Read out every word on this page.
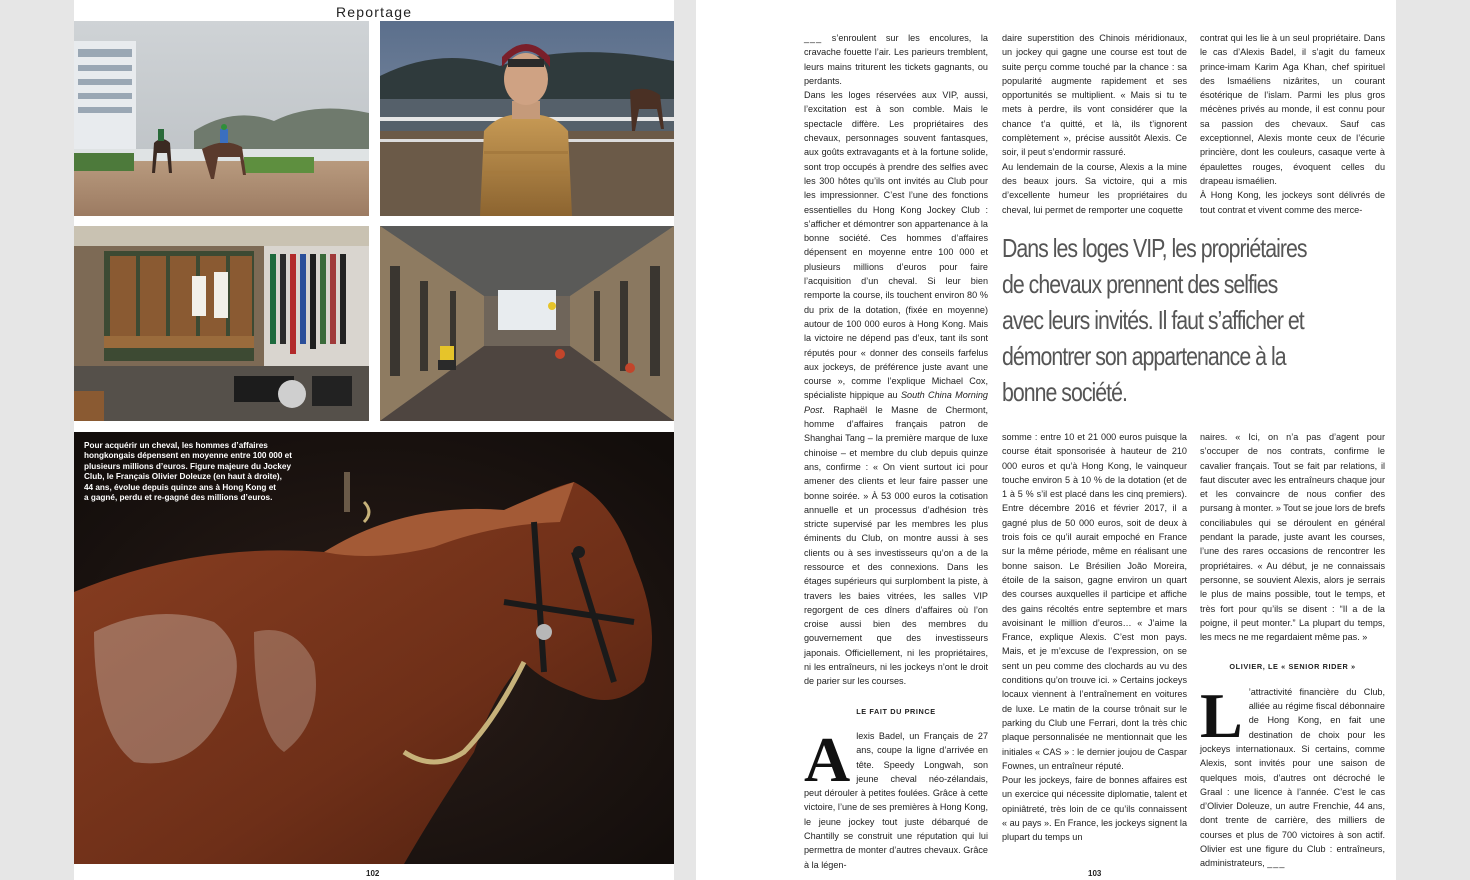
Reportage
Pour acquérir un cheval, les hommes d’affaires
hongkongais dépensent en moyenne entre 100 000 et
plusieurs millions d’euros. Figure majeure du Jockey
Club, le Français Olivier Doleuze (en haut à droite),
44 ans, évolue depuis quinze ans à Hong Kong et
a gagné, perdu et re-gagné des millions d’euros.
102

___ s’enroulent sur les encolures, la cravache fouette l’air. Les parieurs tremblent, leurs mains triturent les tickets gagnants, ou perdants.

Dans les loges réservées aux VIP, aussi, l’excitation est à son comble. Mais le spectacle diffère. Les propriétaires des chevaux, personnages souvent fantasques, aux goûts extravagants et à la fortune solide, sont trop occupés à prendre des selfies avec les 300 hôtes qu’ils ont invités au Club pour les impressionner. C’est l’une des fonctions essentielles du Hong Kong Jockey Club : s’afficher et démontrer son appartenance à la bonne société. Ces hommes d’affaires dépensent en moyenne entre 100 000 et plusieurs millions d’euros pour faire l’acquisition d’un cheval. Si leur bien remporte la course, ils touchent environ 80 % du prix de la dotation, (fixée en moyenne) autour de 100 000 euros à Hong Kong. Mais la victoire ne dépend pas d’eux, tant ils sont réputés pour « donner des conseils farfelus aux jockeys, de préférence juste avant une course », comme l’explique Michael Cox, spécialiste hippique au South China Morning Post. Raphaël le Masne de Chermont, homme d’affaires français patron de Shanghai Tang – la première marque de luxe chinoise – et membre du club depuis quinze ans, confirme : « On vient surtout ici pour amener des clients et leur faire passer une bonne soirée. » À 53 000 euros la cotisation annuelle et un processus d’adhésion très stricte supervisé par les membres les plus éminents du Club, on montre aussi à ses clients ou à ses investisseurs qu’on a de la ressource et des connexions. Dans les étages supérieurs qui surplombent la piste, à travers les baies vitrées, les salles VIP regorgent de ces dîners d’affaires où l’on croise aussi bien des membres du gouvernement que des investisseurs japonais. Officiellement, ni les propriétaires, ni les entraîneurs, ni les jockeys n’ont le droit de parier sur les courses.

LE FAIT DU PRINCE

Alexis Badel, un Français de 27 ans, coupe la ligne d’arrivée en tête. Speedy Longwah, son jeune cheval néo-zélandais, peut dérouler à petites foulées. Grâce à cette victoire, l’une de ses premières à Hong Kong, le jeune jockey tout juste débarqué de Chantilly se construit une réputation qui lui permettra de monter d’autres chevaux. Grâce à la légen-

daire superstition des Chinois méridionaux, un jockey qui gagne une course est tout de suite perçu comme touché par la chance : sa popularité augmente rapidement et ses opportunités se multiplient. « Mais si tu te mets à perdre, ils vont considérer que la chance t’a quitté, et là, ils t’ignorent complètement », précise aussitôt Alexis. Ce soir, il peut s’endormir rassuré.

Au lendemain de la course, Alexis a la mine des beaux jours. Sa victoire, qui a mis d’excellente humeur les propriétaires du cheval, lui permet de remporter une coquette

contrat qui les lie à un seul propriétaire. Dans le cas d’Alexis Badel, il s’agit du fameux prince-imam Karim Aga Khan, chef spirituel des Ismaéliens nizârites, un courant ésotérique de l’islam. Parmi les plus gros mécènes privés au monde, il est connu pour sa passion des chevaux. Sauf cas exceptionnel, Alexis monte ceux de l’écurie princière, dont les couleurs, casaque verte à épaulettes rouges, évoquent celles du drapeau ismaélien.

À Hong Kong, les jockeys sont délivrés de tout contrat et vivent comme des merce-

Dans les loges VIP, les propriétaires de chevaux prennent des selfies avec leurs invités. Il faut s’afficher et démontrer son appartenance à la bonne société.

somme : entre 10 et 21 000 euros puisque la course était sponsorisée à hauteur de 210 000 euros et qu’à Hong Kong, le vainqueur touche environ 5 à 10 % de la dotation (et de 1 à 5 % s’il est placé dans les cinq premiers). Entre décembre 2016 et février 2017, il a gagné plus de 50 000 euros, soit de deux à trois fois ce qu’il aurait empoché en France sur la même période, même en réalisant une bonne saison. Le Brésilien João Moreira, étoile de la saison, gagne environ un quart des courses auxquelles il participe et affiche des gains récoltés entre septembre et mars avoisinant le million d’euros… « J’aime la France, explique Alexis. C’est mon pays. Mais, et je m’excuse de l’expression, on se sent un peu comme des clochards au vu des conditions qu’on trouve ici. » Certains jockeys locaux viennent à l’entraînement en voitures de luxe. Le matin de la course trônait sur le parking du Club une Ferrari, dont la très chic plaque personnalisée ne mentionnait que les initiales « CAS » : le dernier joujou de Caspar Fownes, un entraîneur réputé.

Pour les jockeys, faire de bonnes affaires est un exercice qui nécessite diplomatie, talent et opiniâtreté, très loin de ce qu’ils connaissent « au pays ». En France, les jockeys signent la plupart du temps un

naires. « Ici, on n’a pas d’agent pour s’occuper de nos contrats, confirme le cavalier français. Tout se fait par relations, il faut discuter avec les entraîneurs chaque jour et les convaincre de nous confier des pursang à monter. » Tout se joue lors de brefs conciliabules qui se déroulent en général pendant la parade, juste avant les courses, l’une des rares occasions de rencontrer les propriétaires. « Au début, je ne connaissais personne, se souvient Alexis, alors je serrais le plus de mains possible, tout le temps, et très fort pour qu’ils se disent : “Il a de la poigne, il peut monter.” La plupart du temps, les mecs ne me regardaient même pas. »

OLIVIER, LE « SENIOR RIDER »

L ’attractivité financière du Club, alliée au régime fiscal débonnaire de Hong Kong, en fait une destination de choix pour les jockeys internationaux. Si certains, comme Alexis, sont invités pour une saison de quelques mois, d’autres ont décroché le Graal : une licence à l’année. C’est le cas d’Olivier Doleuze, un autre Frenchie, 44 ans, dont trente de carrière, des milliers de courses et plus de 700 victoires à son actif. Olivier est une figure du Club : entraîneurs, administrateurs, ___

103
